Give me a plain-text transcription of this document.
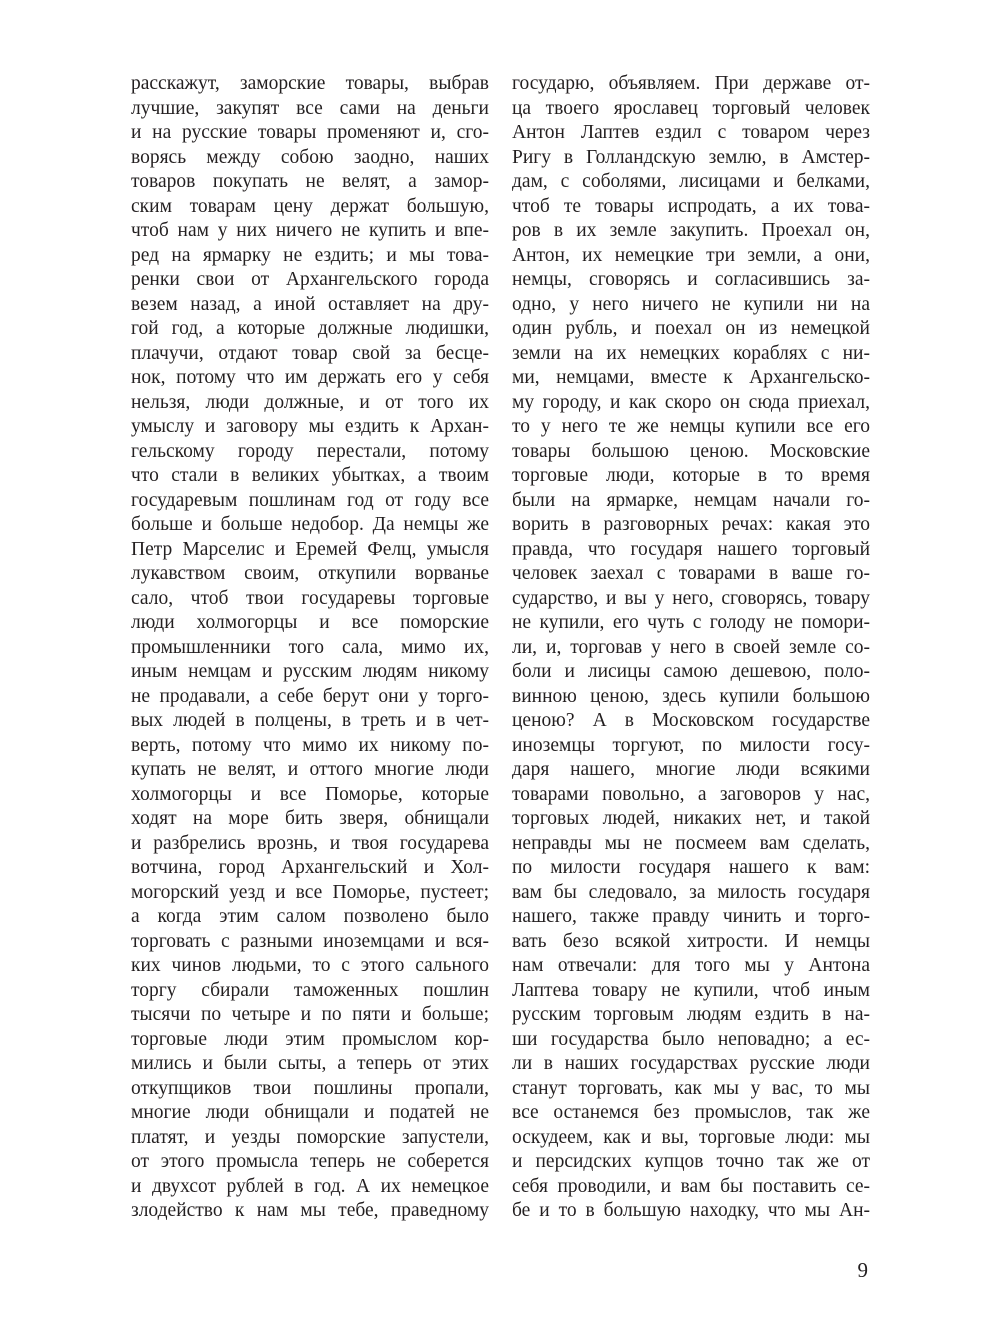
расскажут, заморские товары, выбрав
лучшие, закупят все сами на деньги
и на русские товары променяют и, сго-
ворясь между собою заодно, наших
товаров покупать не велят, а замор-
ским товарам цену держат большую,
чтоб нам у них ничего не купить и впе-
ред на ярмарку не ездить; и мы това-
ренки свои от Архангельского города
везем назад, а иной оставляет на дру-
гой год, а которые должные людишки,
плачучи, отдают товар свой за бесце-
нок, потому что им держать его у себя
нельзя, люди должные, и от того их
умыслу и заговору мы ездить к Архан-
гельскому городу перестали, потому
что стали в великих убытках, а твоим
государевым пошлинам год от году все
больше и больше недобор. Да немцы же
Петр Марселис и Еремей Фелц, умысля
лукавством своим, откупили ворванье
сало, чтоб твои государевы торговые
люди холмогорцы и все поморские
промышленники того сала, мимо их,
иным немцам и русским людям никому
не продавали, а себе берут они у торго-
вых людей в полцены, в треть и в чет-
верть, потому что мимо их никому по-
купать не велят, и оттого многие люди
холмогорцы и все Поморье, которые
ходят на море бить зверя, обнищали
и разбрелись врознь, и твоя государева
вотчина, город Архангельский и Хол-
могорский уезд и все Поморье, пустеет;
а когда этим салом позволено было
торговать с разными иноземцами и вся-
ких чинов людьми, то с этого сального
торгу сбирали таможенных пошлин
тысячи по четыре и по пяти и больше;
торговые люди этим промыслом кор-
мились и были сыты, а теперь от этих
откупщиков твои пошлины пропали,
многие люди обнищали и податей не
платят, и уезды поморские запустели,
от этого промысла теперь не соберется
и двухсот рублей в год. А их немецкое
злодейство к нам мы тебе, праведному
государю, объявляем. При державе от-
ца твоего ярославец торговый человек
Антон Лаптев ездил с товаром через
Ригу в Голландскую землю, в Амстер-
дам, с соболями, лисицами и белками,
чтоб те товары испродать, а их това-
ров в их земле закупить. Проехал он,
Антон, их немецкие три земли, а они,
немцы, сговорясь и согласившись за-
одно, у него ничего не купили ни на
один рубль, и поехал он из немецкой
земли на их немецких кораблях с ни-
ми, немцами, вместе к Архангельско-
му городу, и как скоро он сюда приехал,
то у него те же немцы купили все его
товары большою ценою. Московские
торговые люди, которые в то время
были на ярмарке, немцам начали го-
ворить в разговорных речах: какая это
правда, что государя нашего торговый
человек заехал с товарами в ваше го-
сударство, и вы у него, сговорясь, товару
не купили, его чуть с голоду не помори-
ли, и, торговав у него в своей земле со-
боли и лисицы самою дешевою, поло-
винною ценою, здесь купили большою
ценою? А в Московском государстве
иноземцы торгуют, по милости госу-
даря нашего, многие люди всякими
товарами повольно, а заговоров у нас,
торговых людей, никаких нет, и такой
неправды мы не посмеем вам сделать,
по милости государя нашего к вам:
вам бы следовало, за милость государя
нашего, также правду чинить и торго-
вать безо всякой хитрости. И немцы
нам отвечали: для того мы у Антона
Лаптева товару не купили, чтоб иным
русским торговым людям ездить в на-
ши государства было неповадно; а ес-
ли в наших государствах русские люди
станут торговать, как мы у вас, то мы
все останемся без промыслов, так же
оскудеем, как и вы, торговые люди: мы
и персидских купцов точно так же от
себя проводили, и вам бы поставить се-
бе и то в большую находку, что мы Ан-
9
